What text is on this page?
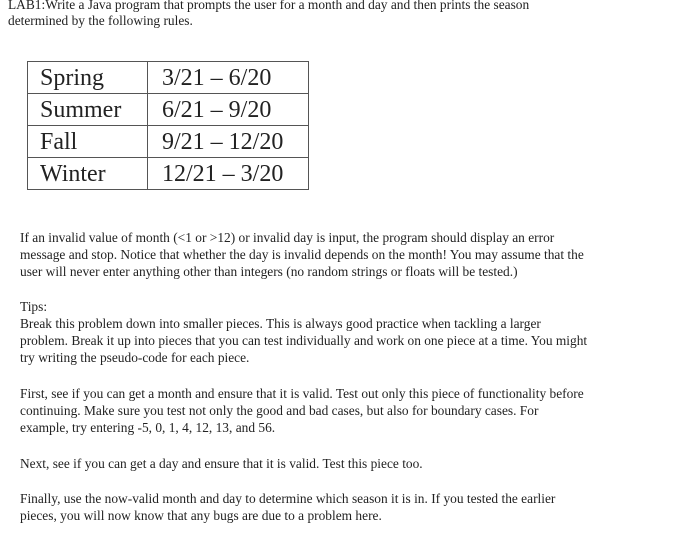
LAB1:Write a Java program that prompts the user for a month and day and then prints the season
determined by the following rules.
Spring	3/21 – 6/20
Summer	6/21 – 9/20
Fall	9/21 – 12/20
Winter	12/21 – 3/20

If an invalid value of month (<1 or >12) or invalid day is input, the program should display an error
message and stop. Notice that whether the day is invalid depends on the month! You may assume that the
user will never enter anything other than integers (no random strings or floats will be tested.)

Tips:
Break this problem down into smaller pieces. This is always good practice when tackling a larger
problem. Break it up into pieces that you can test individually and work on one piece at a time. You might
try writing the pseudo-code for each piece.

First, see if you can get a month and ensure that it is valid. Test out only this piece of functionality before
continuing. Make sure you test not only the good and bad cases, but also for boundary cases. For
example, try entering -5, 0, 1, 4, 12, 13, and 56.

Next, see if you can get a day and ensure that it is valid. Test this piece too.

Finally, use the now-valid month and day to determine which season it is in. If you tested the earlier
pieces, you will now know that any bugs are due to a problem here.
